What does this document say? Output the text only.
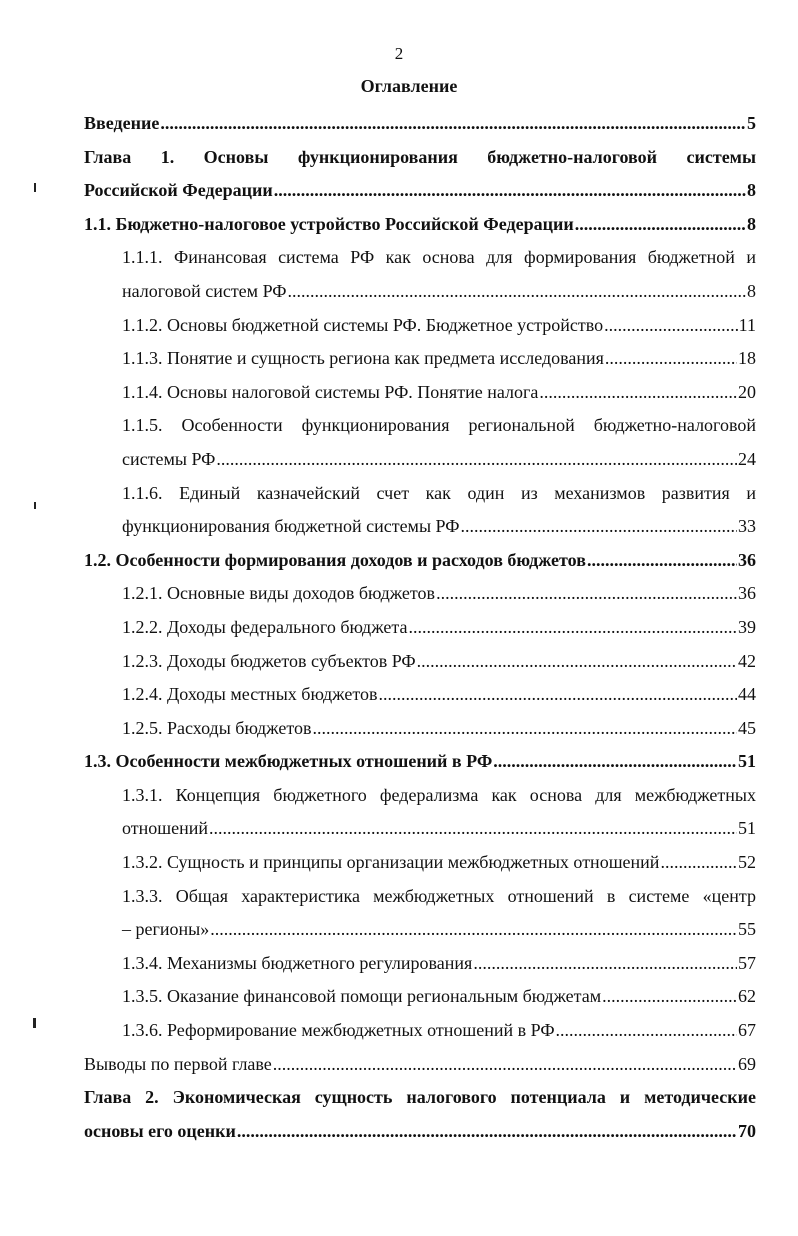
2
Оглавление
Введение .....	5
Глава 1. Основы функционирования бюджетно-налоговой системы
Российской Федерации .....	8
1.1. Бюджетно-налоговое устройство Российской Федерации .....	8
1.1.1. Финансовая система РФ как основа для формирования бюджетной и
налоговой систем РФ .....	8
1.1.2. Основы бюджетной системы РФ. Бюджетное устройство .....	11
1.1.3. Понятие и сущность региона как предмета исследования .....	18
1.1.4. Основы налоговой системы РФ. Понятие налога .....	20
1.1.5. Особенности функционирования региональной бюджетно-налоговой
системы РФ .....	24
1.1.6. Единый казначейский счет как один из механизмов развития и
функционирования бюджетной системы РФ .....	33
1.2. Особенности формирования доходов и расходов бюджетов .....	36
1.2.1. Основные виды доходов бюджетов .....	36
1.2.2. Доходы федерального бюджета .....	39
1.2.3. Доходы бюджетов субъектов РФ .....	42
1.2.4. Доходы местных бюджетов .....	44
1.2.5. Расходы бюджетов .....	45
1.3. Особенности межбюджетных отношений в РФ .....	51
1.3.1. Концепция бюджетного федерализма как основа для межбюджетных
отношений .....	51
1.3.2. Сущность и принципы организации межбюджетных отношений .....	52
1.3.3. Общая характеристика межбюджетных отношений в системе «центр
– регионы» .....	55
1.3.4. Механизмы бюджетного регулирования .....	57
1.3.5. Оказание финансовой помощи региональным бюджетам .....	62
1.3.6. Реформирование межбюджетных отношений в РФ .....	67
Выводы по первой главе .....	69
Глава 2. Экономическая сущность налогового потенциала и методические
основы его оценки .....	70
